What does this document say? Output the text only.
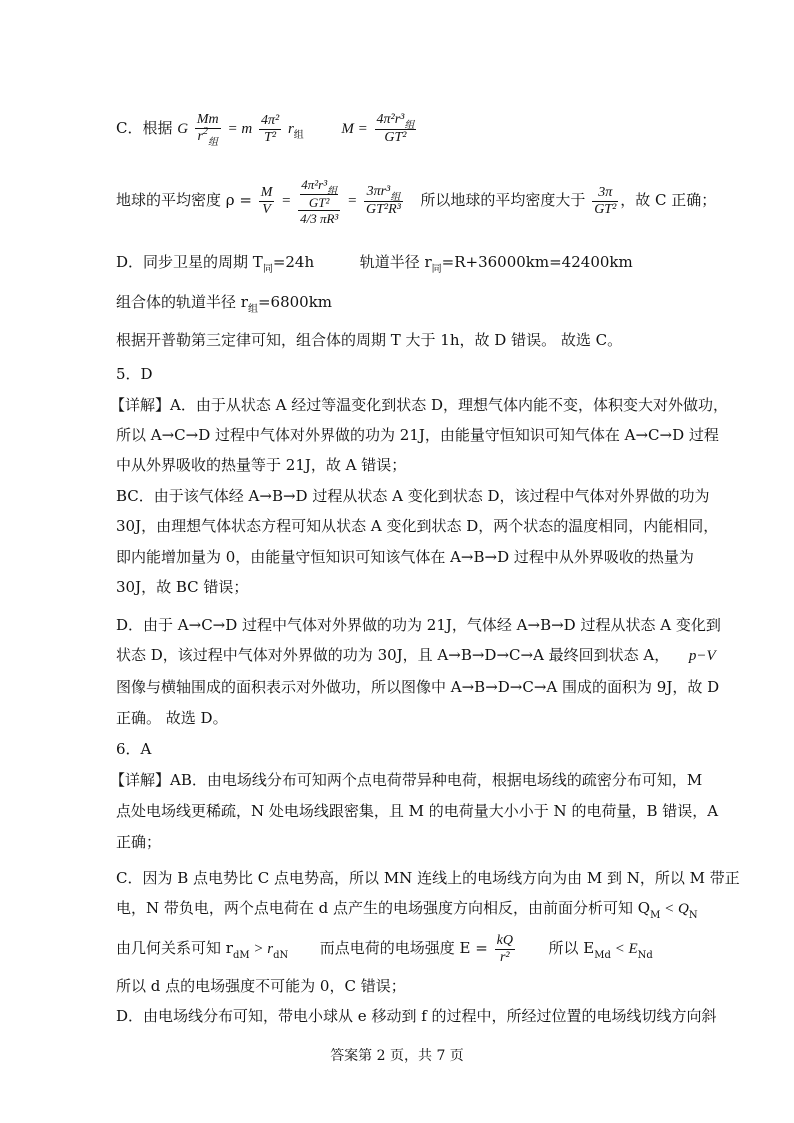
C．根据 G $\frac{Mm}{r^2_组} = m \frac{\text{4π²}}{\text{T²}} r_组$	$M = \frac{4\pi^2r^3_组}{\text{GT²}}$
地球的平均密度 $\rho = \frac{M}{V} = 4\pi^2r^3_组$
GT²
4/3 $\pi R^3 = \frac{3\pi r^3_组}{\text{GT²R³}}$ 所以地球的平均密度大于 $\frac{3\pi}{\text{GT²}}$ ，故 C 正确；
D．同步卫星的周期 $T_同=24h$	轨道半径 $r_同=R+36000km=42400km$
组合体的轨道半径 $r_组=6800km$
根据开普勒第三定律可知，组合体的周期 T 大于 1h，故 D 错误。 故选 C。
5．D
【详解】A．由于从状态 A 经过等温变化到状态 D，理想气体内能不变，体积变大对外做功，
所以 A→C→D 过程中气体对外界做的功为 21J，由能量守恒知识可知气体在 A→C→D 过程
中从外界吸收的热量等于 21J，故 A 错误；
BC．由于该气体经 A→B→D 过程从状态 A 变化到状态 D，该过程中气体对外界做的功为
30J，由理想气体状态方程可知从状态 A 变化到状态 D，两个状态的温度相同，内能相同，
即内能增加量为 0，由能量守恒知识可知该气体在 A→B→D 过程中从外界吸收的热量为
30J，故 BC 错误；
D．由于 A→C→D 过程中气体对外界做的功为 21J，气体经 A→B→D 过程从状态 A 变化到
状态 D，该过程中气体对外界做的功为 30J，且 A→B→D→C→A 最终回到状态 A， p−V
图像与横轴围成的面积表示对外做功，所以图像中 A→B→D→C→A 围成的面积为 9J，故 D
正确。 故选 D。
6．A
【详解】AB．由电场线分布可知两个点电荷带异种电荷，根据电场线的疏密分布可知，M
点处电场线更稀疏，N 处电场线跟密集，且 M 的电荷量大小小于 N 的电荷量，B 错误，A
正确；
C．因为 B 点电势比 C 点电势高，所以 MN 连线上的电场线方向为由 M 到 N，所以 M 带正
电，N 带负电，两个点电荷在 d 点产生的电场强度方向相反，由前面分析可知 $Q_M < Q_N$
由几何关系可知 $r_{dM} > r_{dN}$ 而点电荷的电场强度 $E = \frac{kQ}{\text{r²}}$ 所以 $E_{Md} < E_{Nd}$
所以 d 点的电场强度不可能为 0，C 错误；
D．由电场线分布可知，带电小球从 e 移动到 f 的过程中，所经过位置的电场线切线方向斜
答案第 2 页，共 7 页
